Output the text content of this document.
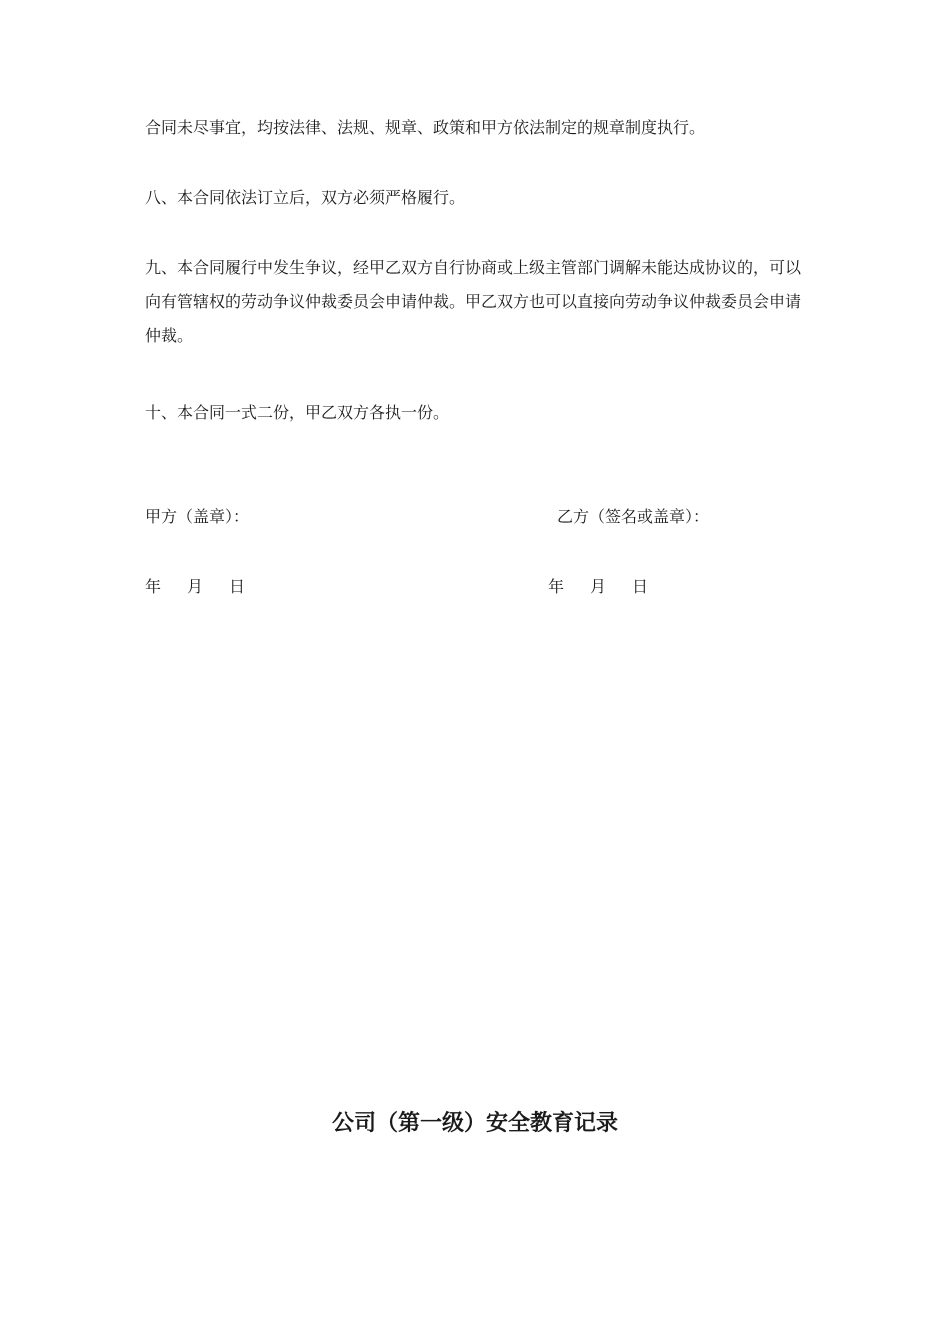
合同未尽事宜，均按法律、法规、规章、政策和甲方依法制定的规章制度执行。

八、本合同依法订立后，双方必须严格履行。

九、本合同履行中发生争议，经甲乙双方自行协商或上级主管部门调解未能达成协议的，可以向有管辖权的劳动争议仲裁委员会申请仲裁。甲乙双方也可以直接向劳动争议仲裁委员会申请仲裁。

十、本合同一式二份，甲乙双方各执一份。

甲方（盖章）：	乙方（签名或盖章）：
年 月 日	年 月 日
公司（第一级）安全教育记录
